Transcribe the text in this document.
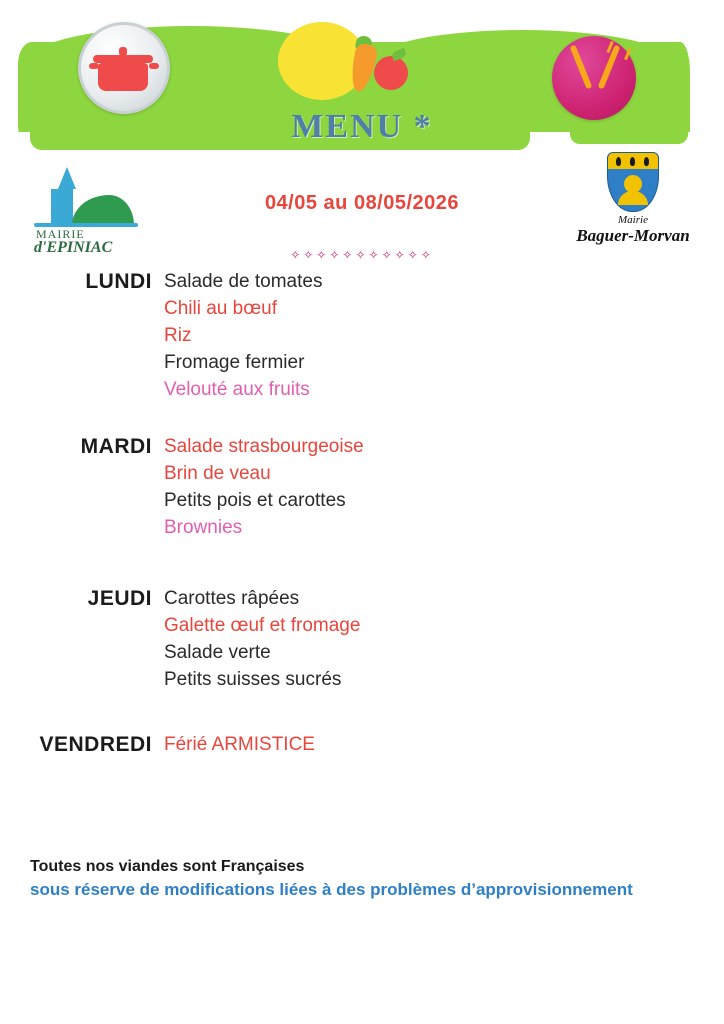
MENU *
MAIRIE
d'EPINIAC
Mairie
Baguer-Morvan
04/05 au 08/05/2026
✧✧✧✧✧✧✧✧✧✧✧
LUNDI Salade de tomates
Chili au bœuf
Riz
Fromage fermier
Velouté aux fruits
MARDI Salade strasbourgeoise
Brin de veau
Petits pois et carottes
Brownies
JEUDI Carottes râpées
Galette œuf et fromage
Salade verte
Petits suisses sucrés
VENDREDI Férié ARMISTICE
Toutes nos viandes sont Françaises
sous réserve de modifications liées à des problèmes d’approvisionnement
